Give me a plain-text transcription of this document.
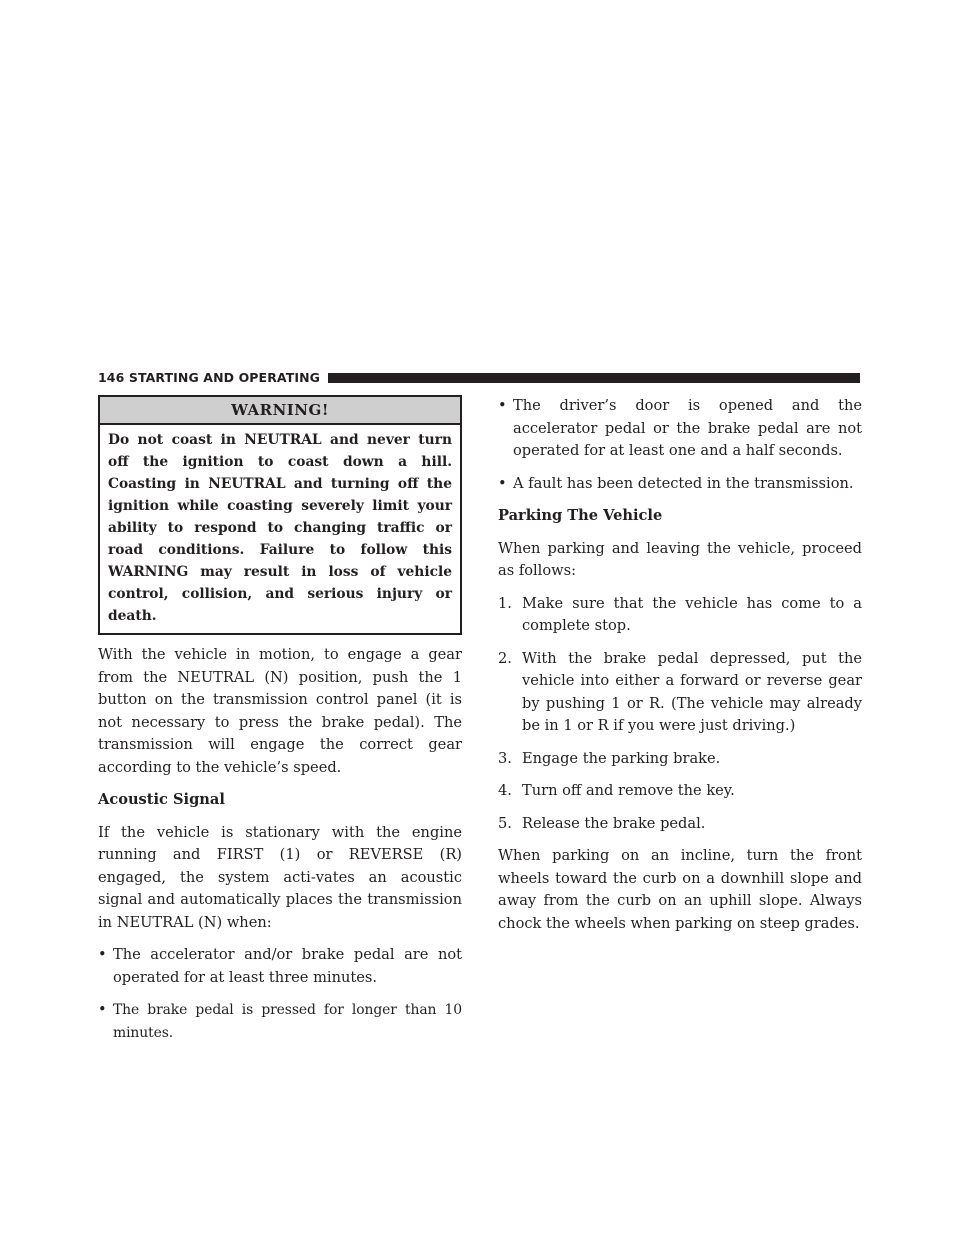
146 STARTING AND OPERATING
WARNING!
Do not coast in NEUTRAL and never turn off the ignition to coast down a hill. Coasting in NEUTRAL and turning off the ignition while coasting severely limit your ability to respond to changing traffic or road conditions. Failure to follow this WARNING may result in loss of vehicle control, collision, and serious injury or death.

With the vehicle in motion, to engage a gear from the NEUTRAL (N) position, push the 1 button on the transmission control panel (it is not necessary to press the brake pedal). The transmission will engage the correct gear according to the vehicle’s speed.

Acoustic Signal

If the vehicle is stationary with the engine running and FIRST (1) or REVERSE (R) engaged, the system acti-vates an acoustic signal and automatically places the transmission in NEUTRAL (N) when:

• The accelerator and/or brake pedal are not operated for at least three minutes.
• The brake pedal is pressed for longer than 10 minutes.
• The driver’s door is opened and the accelerator pedal or the brake pedal are not operated for at least one and a half seconds.
• A fault has been detected in the transmission.
Parking The Vehicle

When parking and leaving the vehicle, proceed as follows:

1. Make sure that the vehicle has come to a complete stop.
2. With the brake pedal depressed, put the vehicle into either a forward or reverse gear by pushing 1 or R. (The vehicle may already be in 1 or R if you were just driving.)
3. Engage the parking brake.
4. Turn off and remove the key.
5. Release the brake pedal.

When parking on an incline, turn the front wheels toward the curb on a downhill slope and away from the curb on an uphill slope. Always chock the wheels when parking on steep grades.
